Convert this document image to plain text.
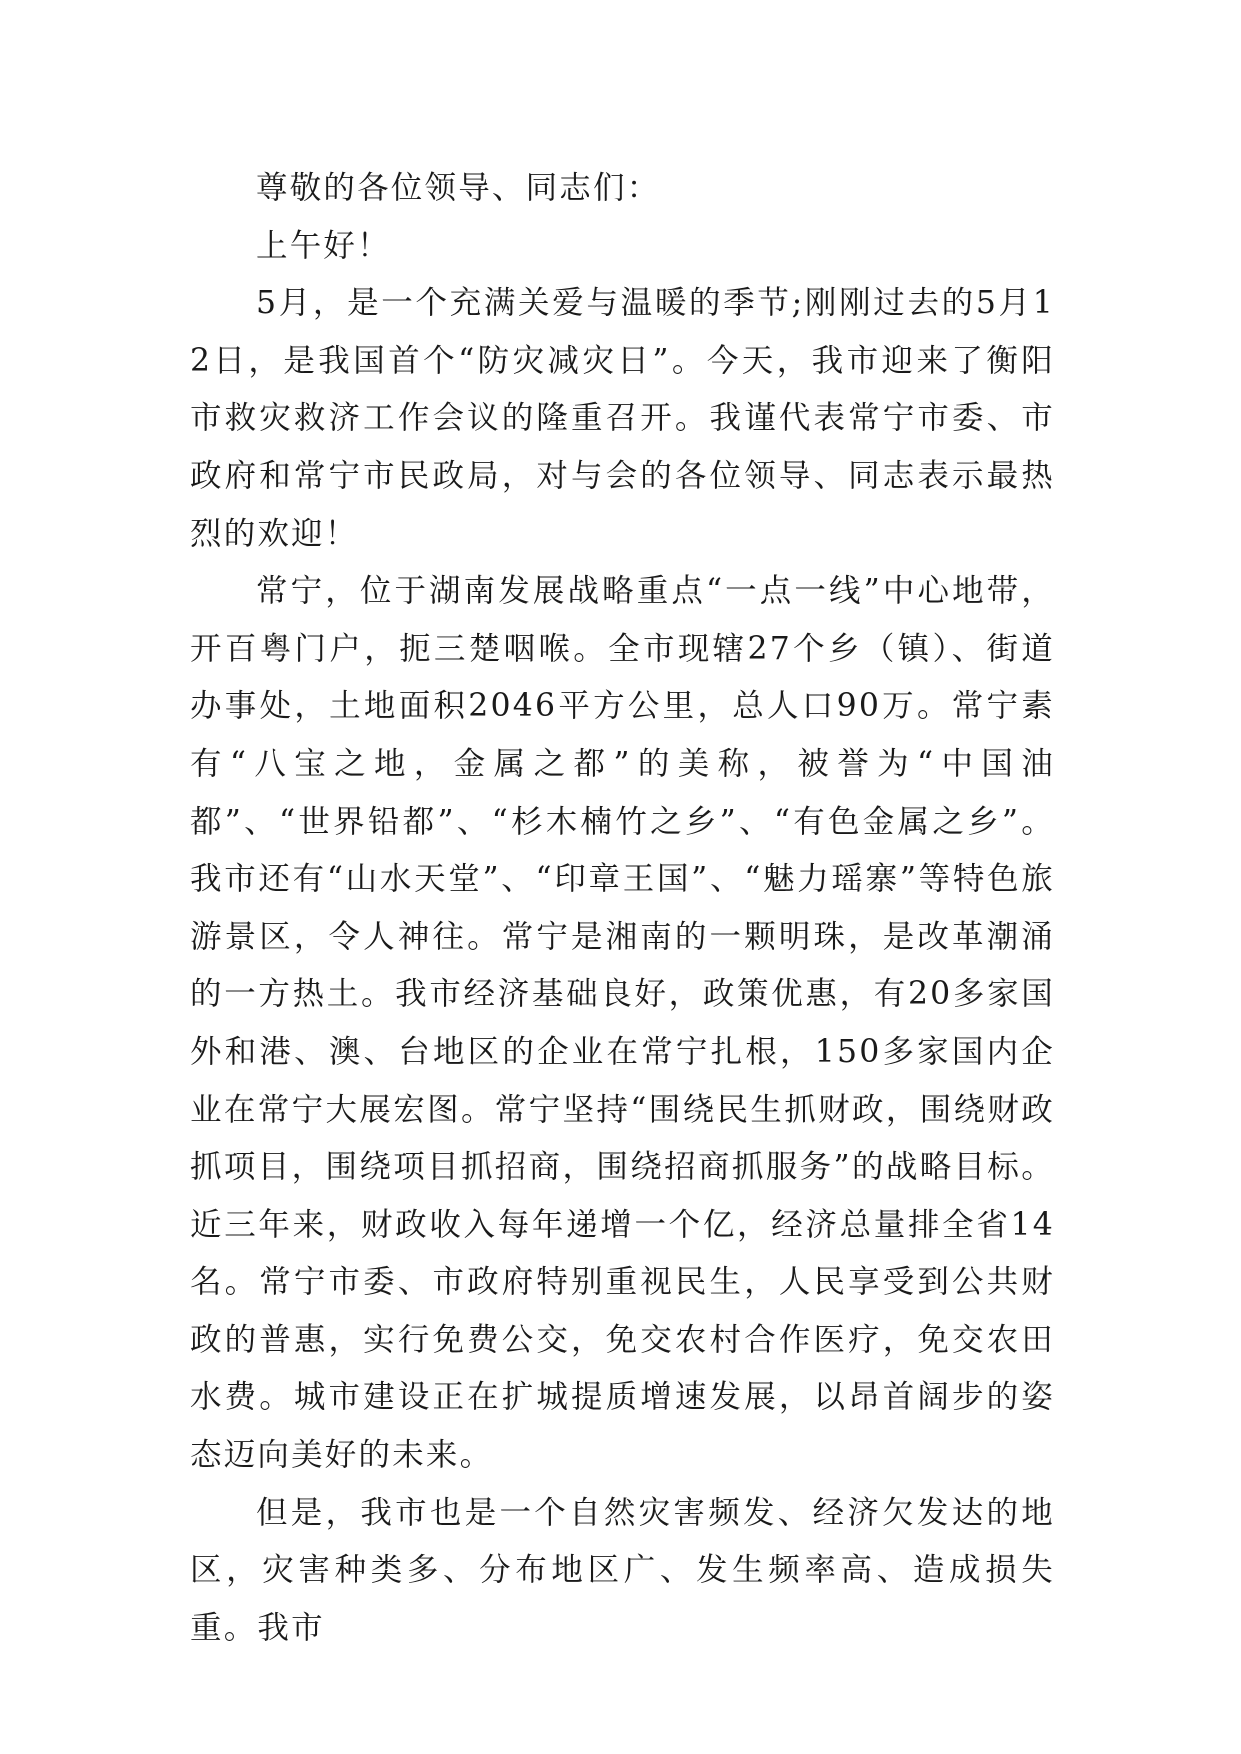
尊敬的各位领导、同志们：

上午好！

5月，是一个充满关爱与温暖的季节;刚刚过去的5月12日，是我国首个“防灾减灾日”。今天，我市迎来了衡阳市救灾救济工作会议的隆重召开。我谨代表常宁市委、市政府和常宁市民政局，对与会的各位领导、同志表示最热烈的欢迎！

常宁，位于湖南发展战略重点“一点一线”中心地带，开百粤门户，扼三楚咽喉。全市现辖27个乡（镇）、街道办事处，土地面积2046平方公里，总人口90万。常宁素有“八宝之地，金属之都”的美称，被誉为“中国油都”、“世界铅都”、“杉木楠竹之乡”、“有色金属之乡”。我市还有“山水天堂”、“印章王国”、“魅力瑶寨”等特色旅游景区，令人神往。常宁是湘南的一颗明珠，是改革潮涌的一方热土。我市经济基础良好，政策优惠，有20多家国外和港、澳、台地区的企业在常宁扎根，150多家国内企业在常宁大展宏图。常宁坚持“围绕民生抓财政，围绕财政抓项目，围绕项目抓招商，围绕招商抓服务”的战略目标。近三年来，财政收入每年递增一个亿，经济总量排全省14名。常宁市委、市政府特别重视民生，人民享受到公共财政的普惠，实行免费公交，免交农村合作医疗，免交农田水费。城市建设正在扩城提质增速发展，以昂首阔步的姿态迈向美好的未来。

但是，我市也是一个自然灾害频发、经济欠发达的地区，灾害种类多、分布地区广、发生频率高、造成损失重。我市
